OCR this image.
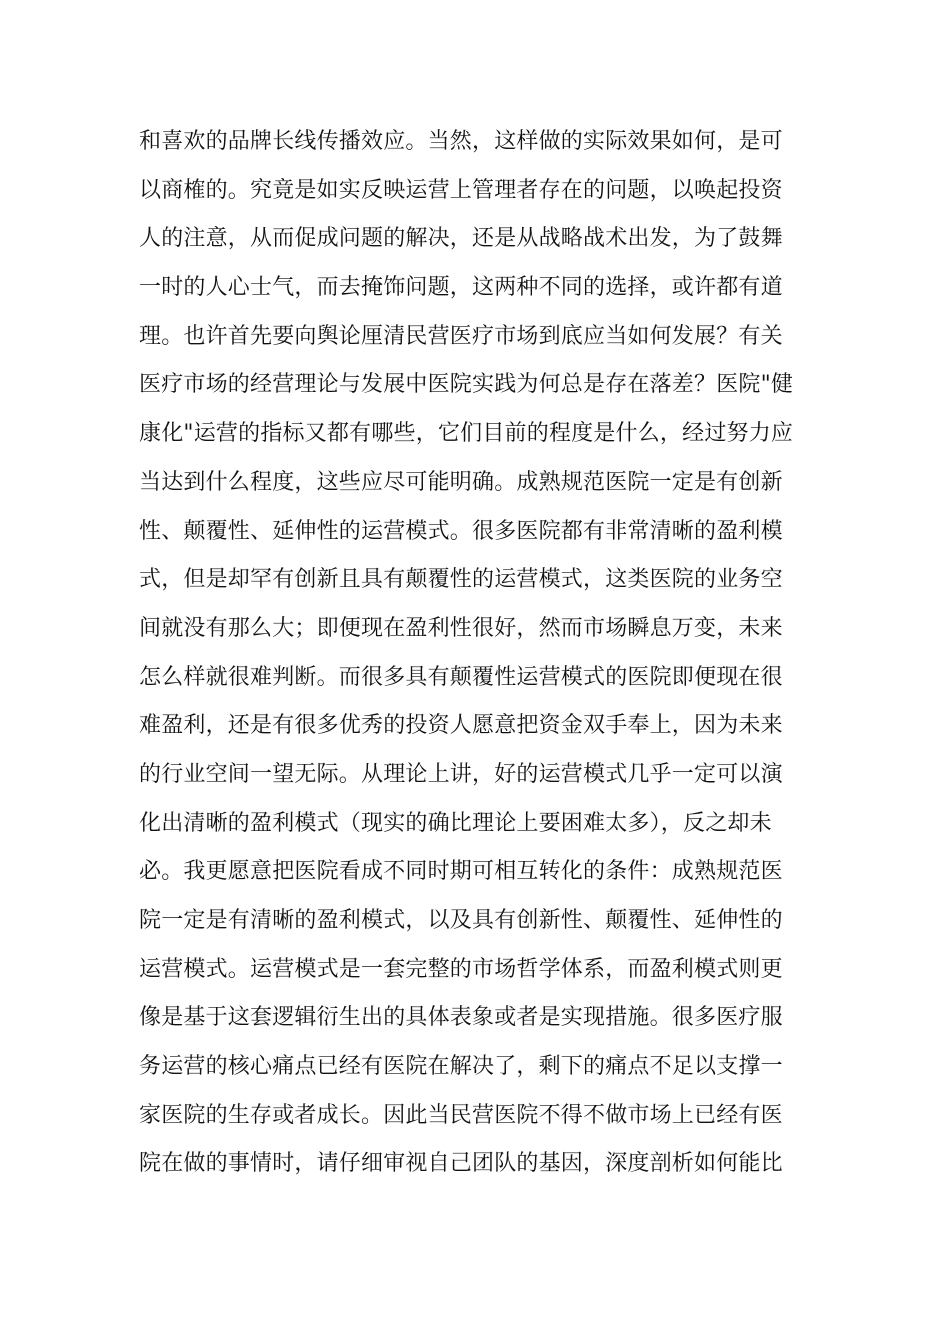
和喜欢的品牌长线传播效应。当然，这样做的实际效果如何，是可
以商榷的。究竟是如实反映运营上管理者存在的问题，以唤起投资
人的注意，从而促成问题的解决，还是从战略战术出发，为了鼓舞
一时的人心士气，而去掩饰问题，这两种不同的选择，或许都有道
理。也许首先要向舆论厘清民营医疗市场到底应当如何发展？有关
医疗市场的经营理论与发展中医院实践为何总是存在落差？医院"健
康化"运营的指标又都有哪些，它们目前的程度是什么，经过努力应
当达到什么程度，这些应尽可能明确。成熟规范医院一定是有创新
性、颠覆性、延伸性的运营模式。很多医院都有非常清晰的盈利模
式，但是却罕有创新且具有颠覆性的运营模式，这类医院的业务空
间就没有那么大；即便现在盈利性很好，然而市场瞬息万变，未来
怎么样就很难判断。而很多具有颠覆性运营模式的医院即便现在很
难盈利，还是有很多优秀的投资人愿意把资金双手奉上，因为未来
的行业空间一望无际。从理论上讲，好的运营模式几乎一定可以演
化出清晰的盈利模式（现实的确比理论上要困难太多），反之却未
必。我更愿意把医院看成不同时期可相互转化的条件：成熟规范医
院一定是有清晰的盈利模式，以及具有创新性、颠覆性、延伸性的
运营模式。运营模式是一套完整的市场哲学体系，而盈利模式则更
像是基于这套逻辑衍生出的具体表象或者是实现措施。很多医疗服
务运营的核心痛点已经有医院在解决了，剩下的痛点不足以支撑一
家医院的生存或者成长。因此当民营医院不得不做市场上已经有医
院在做的事情时，请仔细审视自己团队的基因，深度剖析如何能比
